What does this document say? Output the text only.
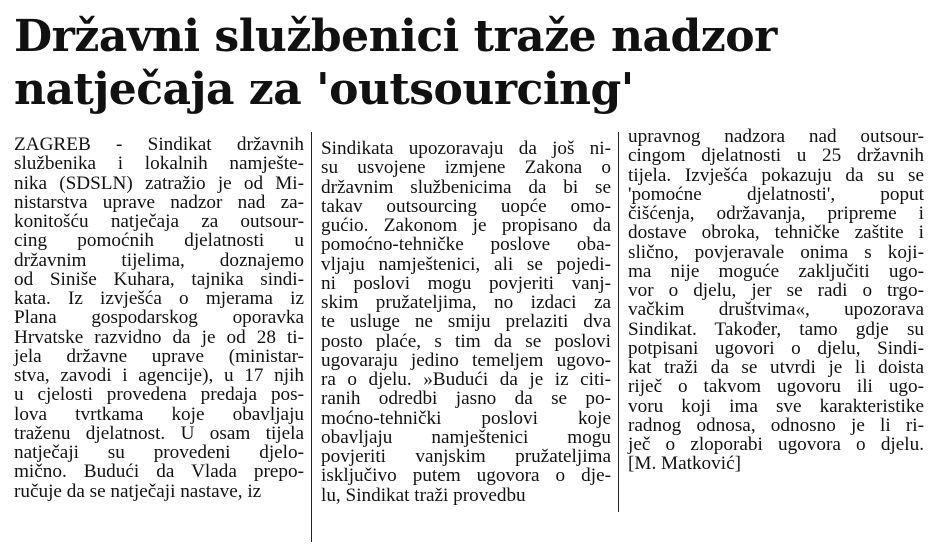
Državni službenici traže nadzor
natječaja za 'outsourcing'
ZAGREB - Sindikat državnih
službenika i lokalnih namješte-
nika (SDSLN) zatražio je od Mi-
nistarstva uprave nadzor nad za-
konitošću natječaja za outsour-
cing pomoćnih djelatnosti u
državnim tijelima, doznajemo
od Siniše Kuhara, tajnika sindi-
kata. Iz izvješća o mjerama iz
Plana gospodarskog oporavka
Hrvatske razvidno da je od 28 ti-
jela državne uprave (ministar-
stva, zavodi i agencije), u 17 njih
u cjelosti provedena predaja pos-
lova tvrtkama koje obavljaju
traženu djelatnost. U osam tijela
natječaji su provedeni djelo-
mično. Budući da Vlada prepo-
ručuje da se natječaji nastave, iz
Sindikata upozoravaju da još ni-
su usvojene izmjene Zakona o
državnim službenicima da bi se
takav outsourcing uopće omo-
gućio. Zakonom je propisano da
pomoćno-tehničke poslove oba-
vljaju namještenici, ali se pojedi-
ni poslovi mogu povjeriti vanj-
skim pružateljima, no izdaci za
te usluge ne smiju prelaziti dva
posto plaće, s tim da se poslovi
ugovaraju jedino temeljem ugovo-
ra o djelu. »Budući da je iz citi-
ranih odredbi jasno da se po-
moćno-tehnički poslovi koje
obavljaju namještenici mogu
povjeriti vanjskim pružateljima
isključivo putem ugovora o dje-
lu, Sindikat traži provedbu
upravnog nadzora nad outsour-
cingom djelatnosti u 25 državnih
tijela. Izvješća pokazuju da su se
'pomoćne djelatnosti', poput
čišćenja, održavanja, pripreme i
dostave obroka, tehničke zaštite i
slično, povjeravale onima s koji-
ma nije moguće zaključiti ugo-
vor o djelu, jer se radi o trgo-
vačkim društvima«, upozorava
Sindikat. Također, tamo gdje su
potpisani ugovori o djelu, Sindi-
kat traži da se utvrdi je li doista
riječ o takvom ugovoru ili ugo-
voru koji ima sve karakteristike
radnog odnosa, odnosno je li ri-
ječ o zloporabi ugovora o djelu.
[M. Matković]
